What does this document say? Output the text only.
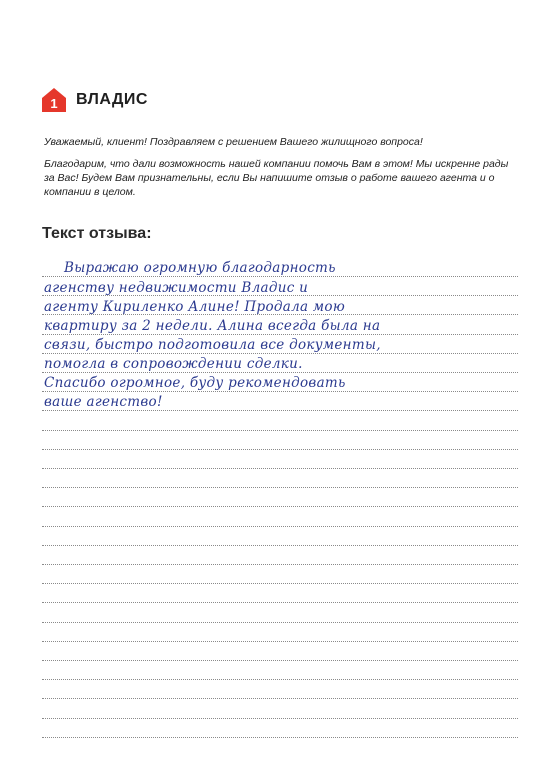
1 ВЛАДИС

Уважаемый, клиент! Поздравляем с решением Вашего жилищного вопроса!

Благодарим, что дали возможность нашей компании помочь Вам в этом! Мы искренне рады за Вас! Будем Вам признательны, если Вы напишите отзыв о работе вашего агента и о компании в целом.

Текст отзыва:
Выражаю огромную благодарность
агенству недвижимости Владис и
агенту Кириленко Алине! Продала мою
квартиру за 2 недели. Алина всегда была на
связи, быстро подготовила все документы,
помогла в сопровождении сделки.
Спасибо огромное, буду рекомендовать
ваше агенство!
